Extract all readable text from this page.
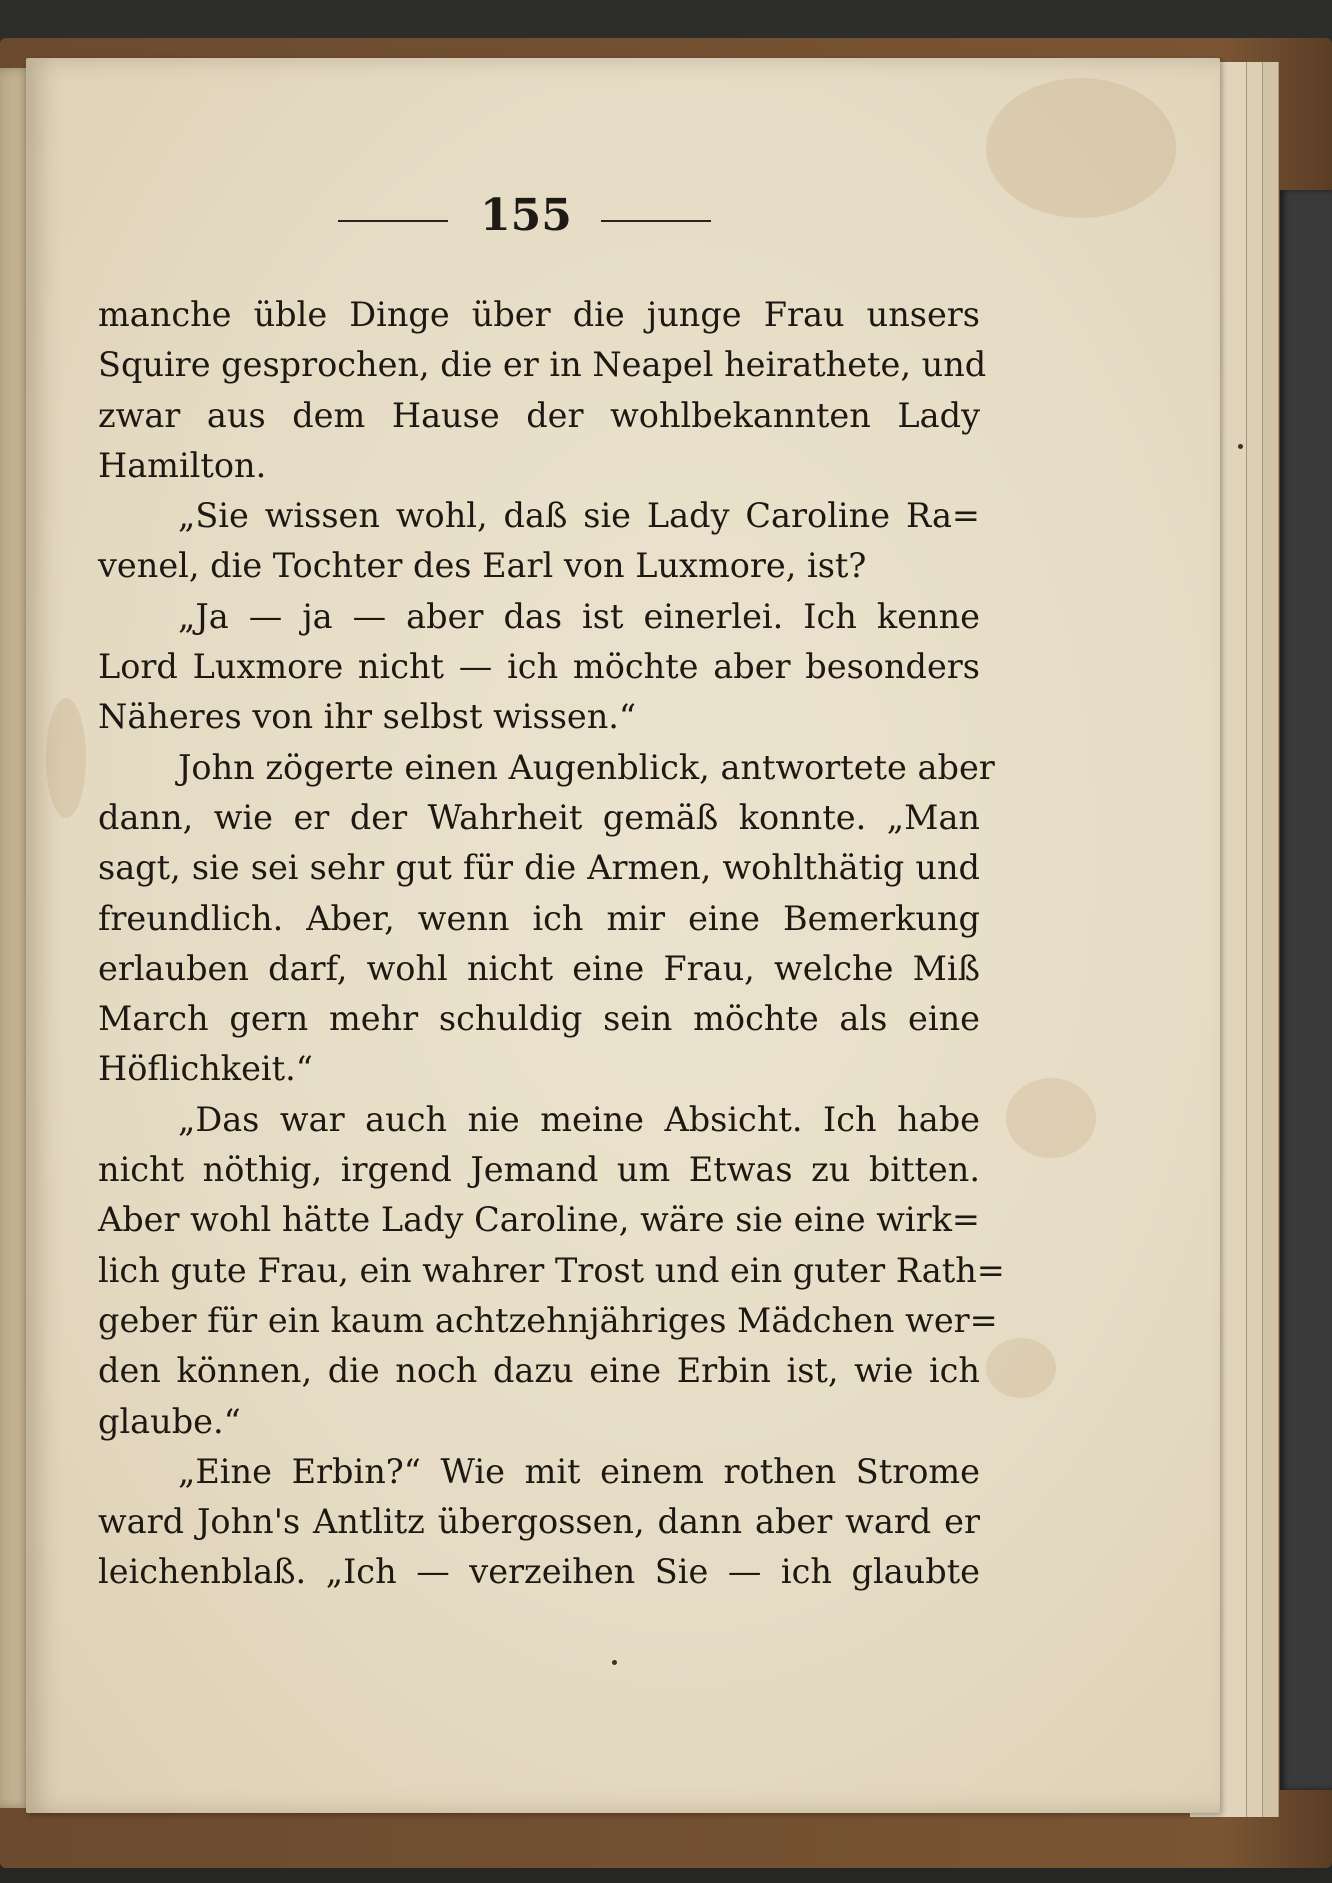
155
manche üble Dinge über die junge Frau unsers
Squire gesprochen, die er in Neapel heirathete, und
zwar aus dem Hause der wohlbekannten Lady
Hamilton.
„Sie wissen wohl, daß sie Lady Caroline Ra=
venel, die Tochter des Earl von Luxmore, ist?
„Ja — ja — aber das ist einerlei. Ich kenne
Lord Luxmore nicht — ich möchte aber besonders
Näheres von ihr selbst wissen.“
John zögerte einen Augenblick, antwortete aber
dann, wie er der Wahrheit gemäß konnte. „Man
sagt, sie sei sehr gut für die Armen, wohlthätig und
freundlich. Aber, wenn ich mir eine Bemerkung
erlauben darf, wohl nicht eine Frau, welche Miß
March gern mehr schuldig sein möchte als eine
Höflichkeit.“
„Das war auch nie meine Absicht. Ich habe
nicht nöthig, irgend Jemand um Etwas zu bitten.
Aber wohl hätte Lady Caroline, wäre sie eine wirk=
lich gute Frau, ein wahrer Trost und ein guter Rath=
geber für ein kaum achtzehnjähriges Mädchen wer=
den können, die noch dazu eine Erbin ist, wie ich
glaube.“
„Eine Erbin?“ Wie mit einem rothen Strome
ward John's Antlitz übergossen, dann aber ward er
leichenblaß. „Ich — verzeihen Sie — ich glaubte
